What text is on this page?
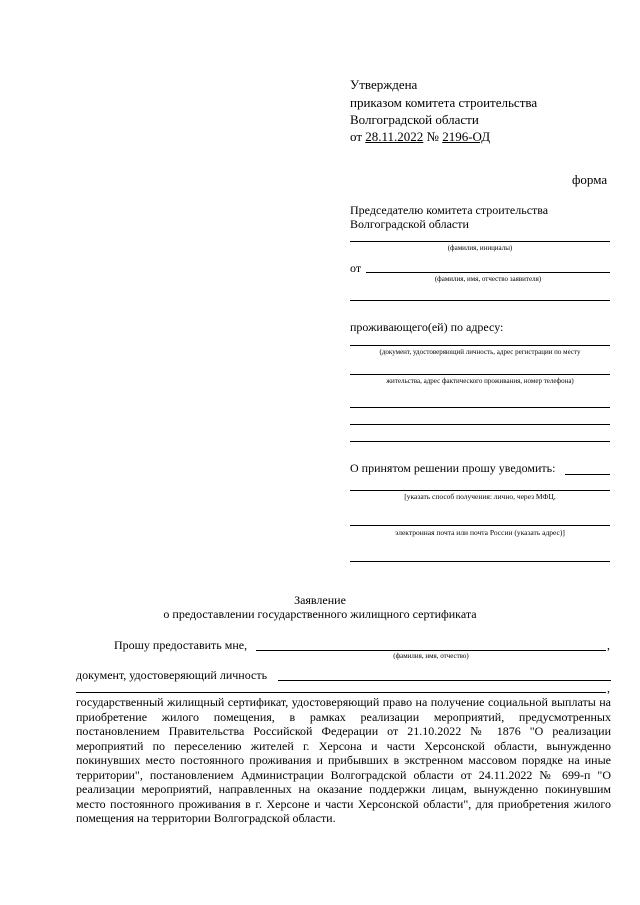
Утверждена
приказом комитета строительства
Волгоградской области
от 28.11.2022 № 2196-ОД
форма
Председателю комитета строительства
Волгоградской области
(фамилия, инициалы)
от
(фамилия, имя, отчество заявителя)
проживающего(ей) по адресу:
(документ, удостоверяющий личность, адрес регистрации по месту
жительства, адрес фактического проживания, номер телефона)
О принятом решении прошу уведомить:
[указать способ получения: лично, через МФЦ,
электронная почта или почта России (указать адрес)]
Заявление
о предоставлении государственного жилищного сертификата
Прошу предоставить мне,	,
(фамилия, имя, отчество)
документ, удостоверяющий личность
,
государственный жилищный сертификат, удостоверяющий право на получение социальной выплаты на приобретение жилого помещения, в рамках реализации мероприятий, предусмотренных постановлением Правительства Российской Федерации от 21.10.2022 № 1876 "О реализации мероприятий по переселению жителей г. Херсона и части Херсонской области, вынужденно покинувших место постоянного проживания и прибывших в экстренном массовом порядке на иные территории", постановлением Администрации Волгоградской области от 24.11.2022 № 699-п "О реализации мероприятий, направленных на оказание поддержки лицам, вынужденно покинувшим место постоянного проживания в г. Херсоне и части Херсонской области", для приобретения жилого помещения на территории Волгоградской области.
